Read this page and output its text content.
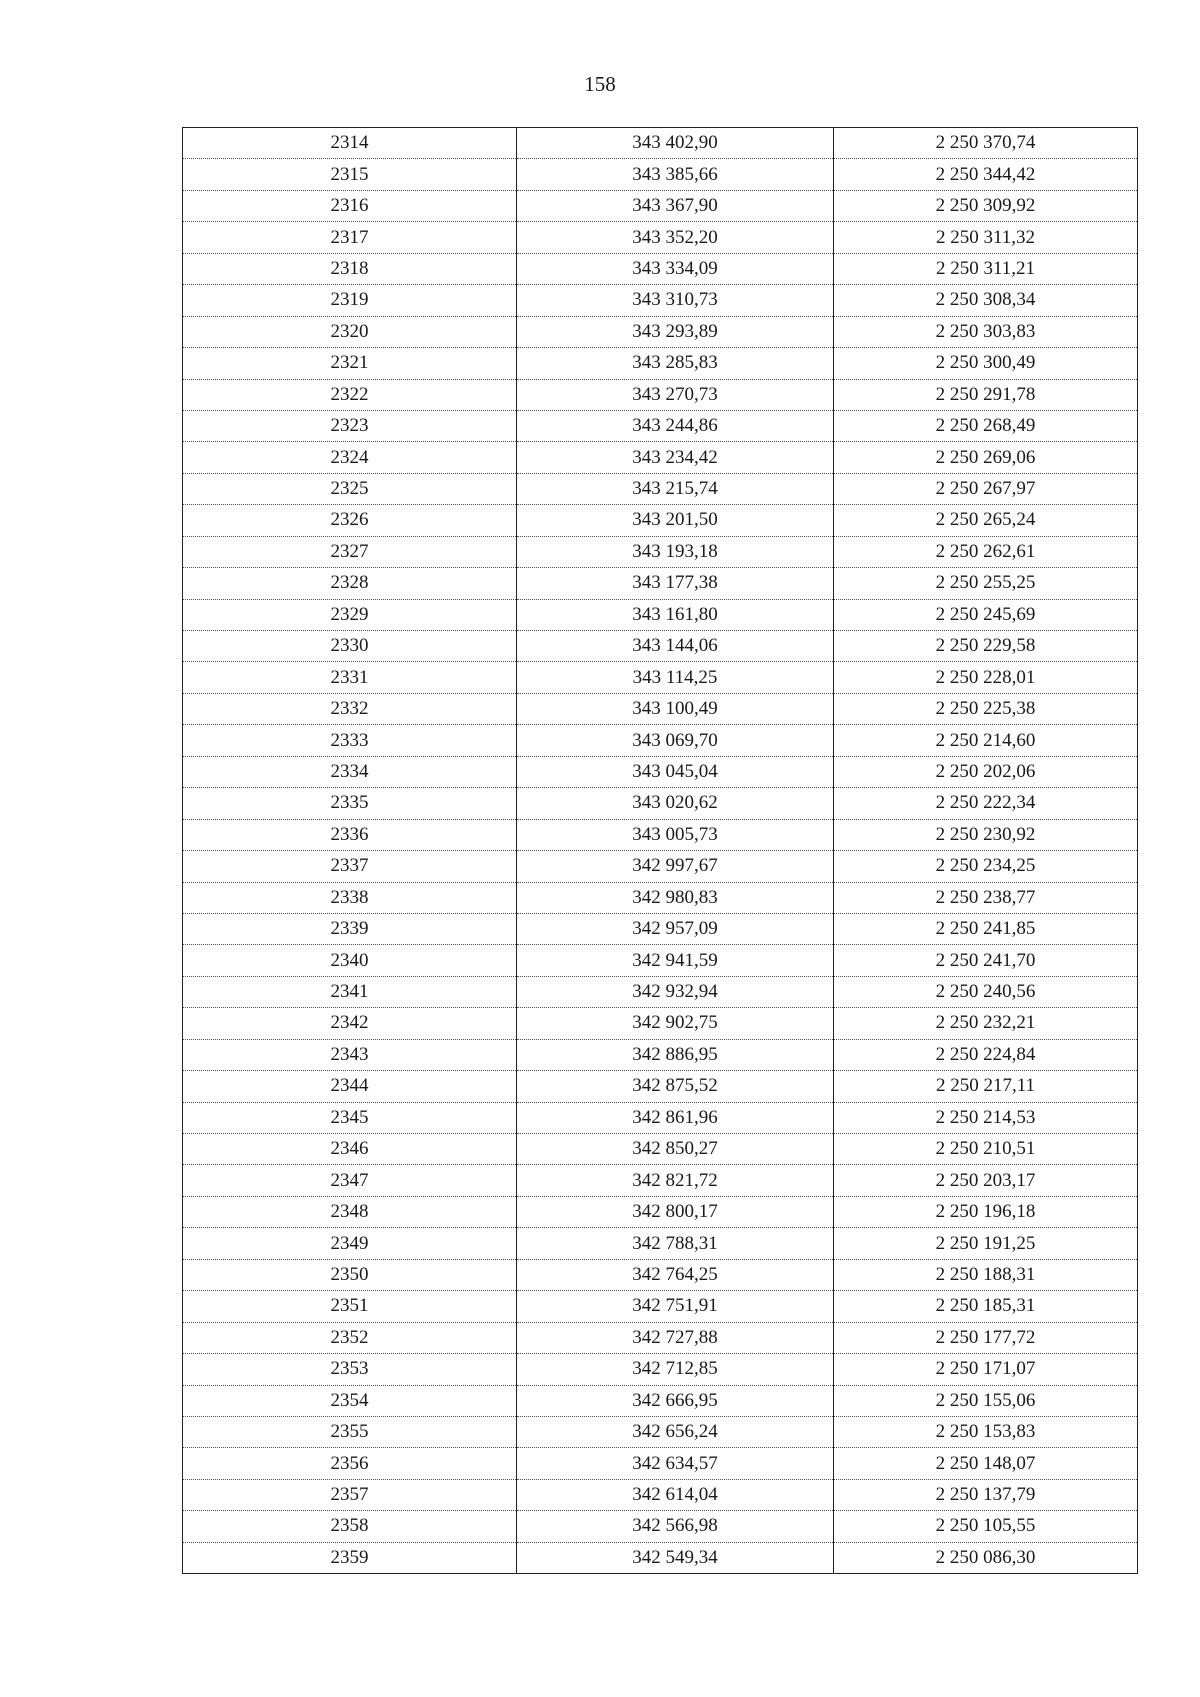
158
2314	343 402,90	2 250 370,74
2315	343 385,66	2 250 344,42
2316	343 367,90	2 250 309,92
2317	343 352,20	2 250 311,32
2318	343 334,09	2 250 311,21
2319	343 310,73	2 250 308,34
2320	343 293,89	2 250 303,83
2321	343 285,83	2 250 300,49
2322	343 270,73	2 250 291,78
2323	343 244,86	2 250 268,49
2324	343 234,42	2 250 269,06
2325	343 215,74	2 250 267,97
2326	343 201,50	2 250 265,24
2327	343 193,18	2 250 262,61
2328	343 177,38	2 250 255,25
2329	343 161,80	2 250 245,69
2330	343 144,06	2 250 229,58
2331	343 114,25	2 250 228,01
2332	343 100,49	2 250 225,38
2333	343 069,70	2 250 214,60
2334	343 045,04	2 250 202,06
2335	343 020,62	2 250 222,34
2336	343 005,73	2 250 230,92
2337	342 997,67	2 250 234,25
2338	342 980,83	2 250 238,77
2339	342 957,09	2 250 241,85
2340	342 941,59	2 250 241,70
2341	342 932,94	2 250 240,56
2342	342 902,75	2 250 232,21
2343	342 886,95	2 250 224,84
2344	342 875,52	2 250 217,11
2345	342 861,96	2 250 214,53
2346	342 850,27	2 250 210,51
2347	342 821,72	2 250 203,17
2348	342 800,17	2 250 196,18
2349	342 788,31	2 250 191,25
2350	342 764,25	2 250 188,31
2351	342 751,91	2 250 185,31
2352	342 727,88	2 250 177,72
2353	342 712,85	2 250 171,07
2354	342 666,95	2 250 155,06
2355	342 656,24	2 250 153,83
2356	342 634,57	2 250 148,07
2357	342 614,04	2 250 137,79
2358	342 566,98	2 250 105,55
2359	342 549,34	2 250 086,30
